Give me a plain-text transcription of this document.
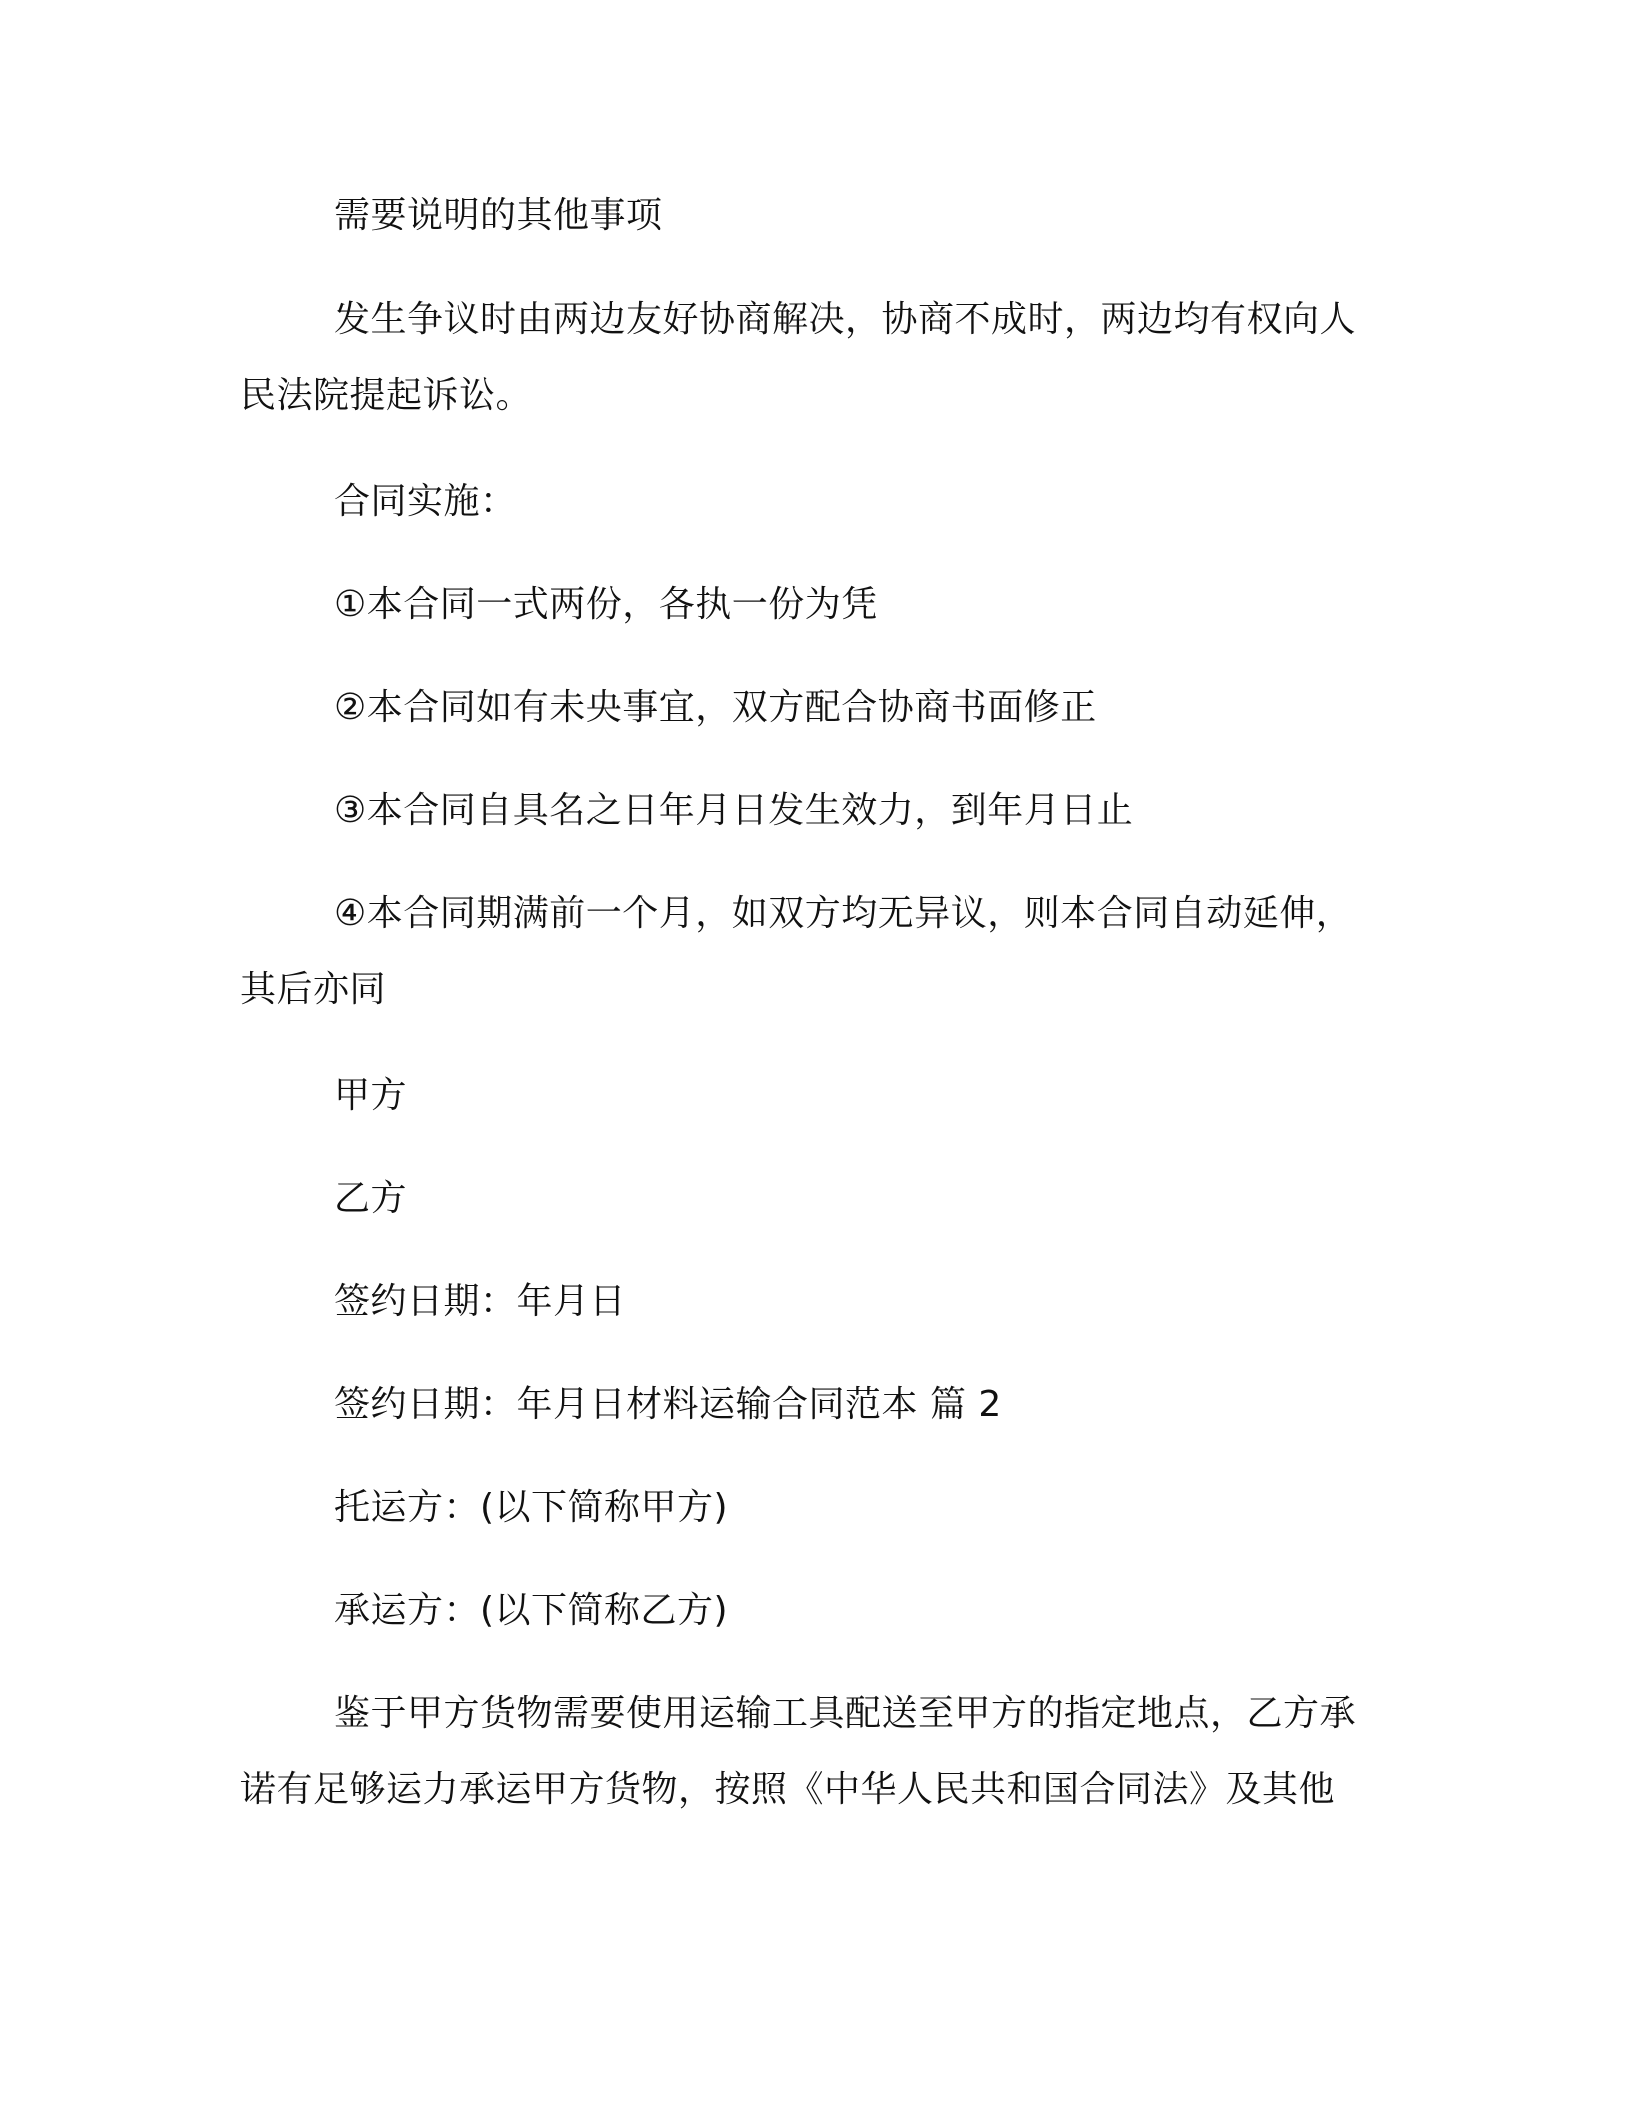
需要说明的其他事项

发生争议时由两边友好协商解决，协商不成时，两边均有权向人
民法院提起诉讼。

合同实施：

①本合同一式两份，各执一份为凭

②本合同如有未央事宜，双方配合协商书面修正

③本合同自具名之日年月日发生效力，到年月日止

④本合同期满前一个月，如双方均无异议，则本合同自动延伸，
其后亦同

甲方

乙方

签约日期：年月日

签约日期：年月日材料运输合同范本 篇 2

托运方：(以下简称甲方)

承运方：(以下简称乙方)

鉴于甲方货物需要使用运输工具配送至甲方的指定地点，乙方承
诺有足够运力承运甲方货物，按照《中华人民共和国合同法》及其他
